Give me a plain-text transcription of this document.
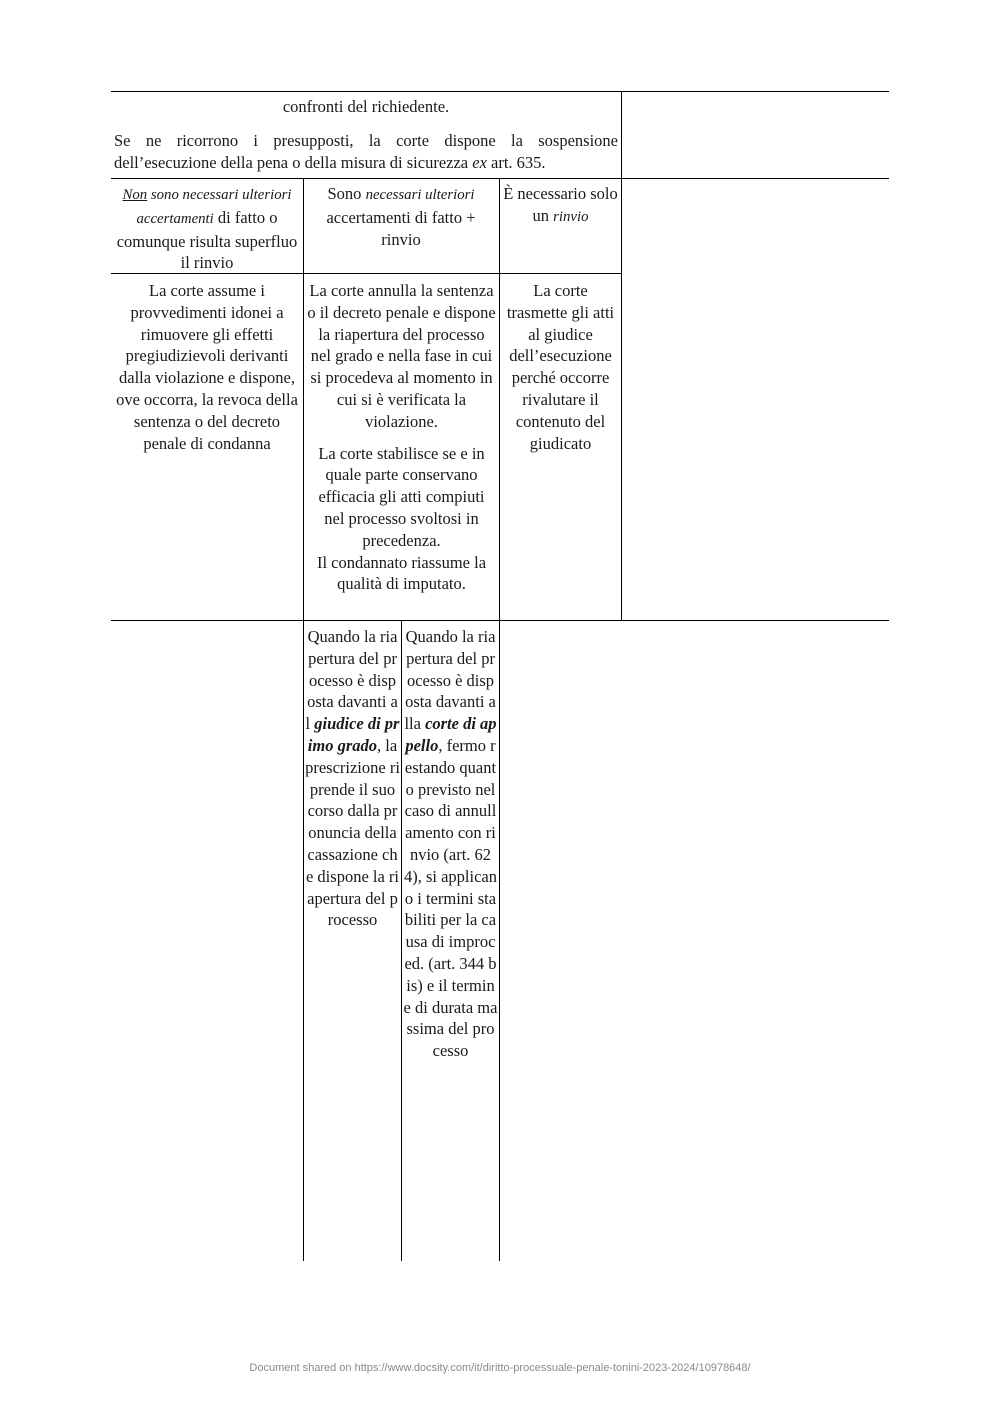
confronti del richiedente.

Se ne ricorrono i presupposti, la corte dispone la sospensione dell’esecuzione della pena o della misura di sicurezza ex art. 635.

Non sono necessari ulteriori accertamenti di fatto o comunque risulta superfluo il rinvio

Sono necessari ulteriori accertamenti di fatto + rinvio

È necessario solo un rinvio

La corte assume i provvedimenti idonei a rimuovere gli effetti pregiudizievoli derivanti dalla violazione e dispone, ove occorra, la revoca della sentenza o del decreto penale di condanna

La corte annulla la sentenza o il decreto penale e dispone la riapertura del processo nel grado e nella fase in cui si procedeva al momento in cui si è verificata la violazione.

La corte stabilisce se e in quale parte conservano efficacia gli atti compiuti nel processo svoltosi in precedenza.

Il condannato riassume la qualità di imputato.

La corte trasmette gli atti al giudice dell’esecuzione perché occorre rivalutare il contenuto del giudicato

Quando la riapertura del processo è disposta davanti al giudice di primo grado, la prescrizione riprende il suo corso dalla pronuncia della cassazione che dispone la riapertura del processo

Quando la riapertura del processo è disposta davanti alla corte di appello, fermo restando quanto previsto nel caso di annullamento con rinvio (art. 624), si applicano i termini stabiliti per la causa di improced. (art. 344 bis) e il termine di durata massima del processo

Document shared on https://www.docsity.com/it/diritto-processuale-penale-tonini-2023-2024/10978648/
